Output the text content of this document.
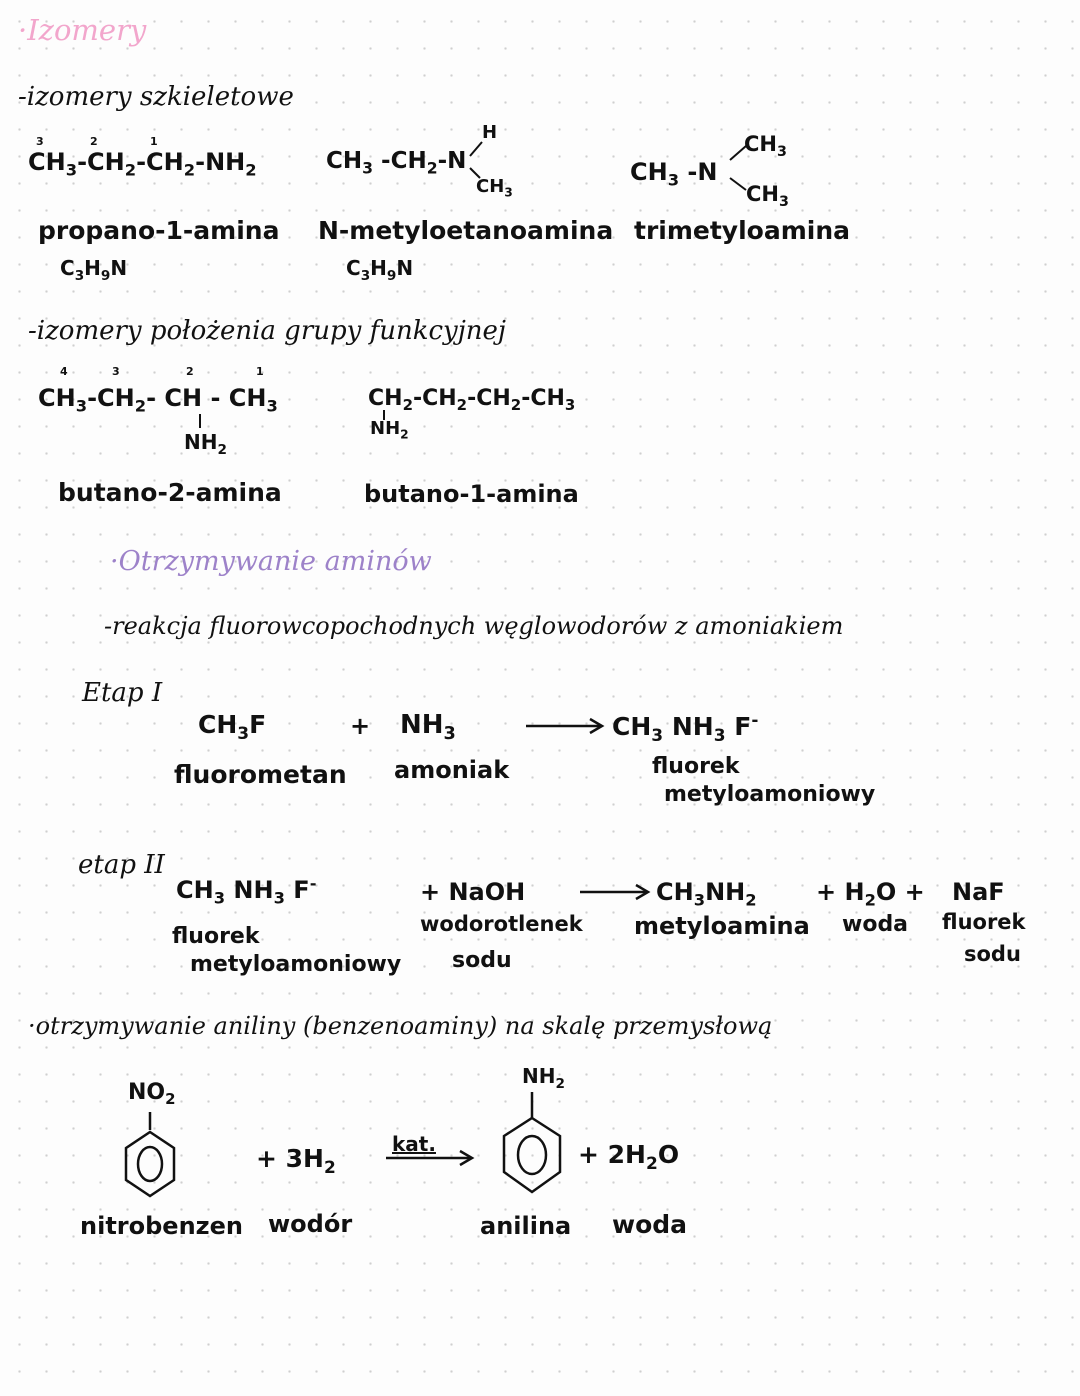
·Izomery
-izomery szkieletowe
3	2	1
$CH_3-CH_2-CH_2-NH_2$
propano-1-amina
$C_3H_9N$
$CH_3$ $-CH_2-N$
H
$CH_3$
N-metyloetanoamina
$C_3H_9N$
$CH_3$ -N
$CH_3$
$CH_3$
trimetyloamina
-izomery położenia grupy funkcyjnej
4	3	2	1
$CH_3-CH_2-$ CH - $CH_3$
$NH_2$
butano-2-amina
$CH_2-CH_2-CH_2-CH_3$
$NH_2$
butano-1-amina
·Otrzymywanie aminów
-reakcja fluorowcopochodnych węglowodorów z amoniakiem
Etap I
$CH_3F$
fluorometan
+ $NH_3$
amoniak
$CH_3$ $NH_3$ F-
fluorek
metyloamoniowy
etap II
$CH_3$ $NH_3$ F-
fluorek
metyloamoniowy
+ NaOH
wodorotlenek
sodu
$CH_3NH_2$
metyloamina
+ $H_2O$ +
woda
NaF
fluorek
sodu
·otrzymywanie aniliny (benzenoaminy) na skalę przemysłową
$NO_2$
nitrobenzen
+ $3H_2$
wodór
kat.
$NH_2$
anilina
+ $2H_2O$
woda
